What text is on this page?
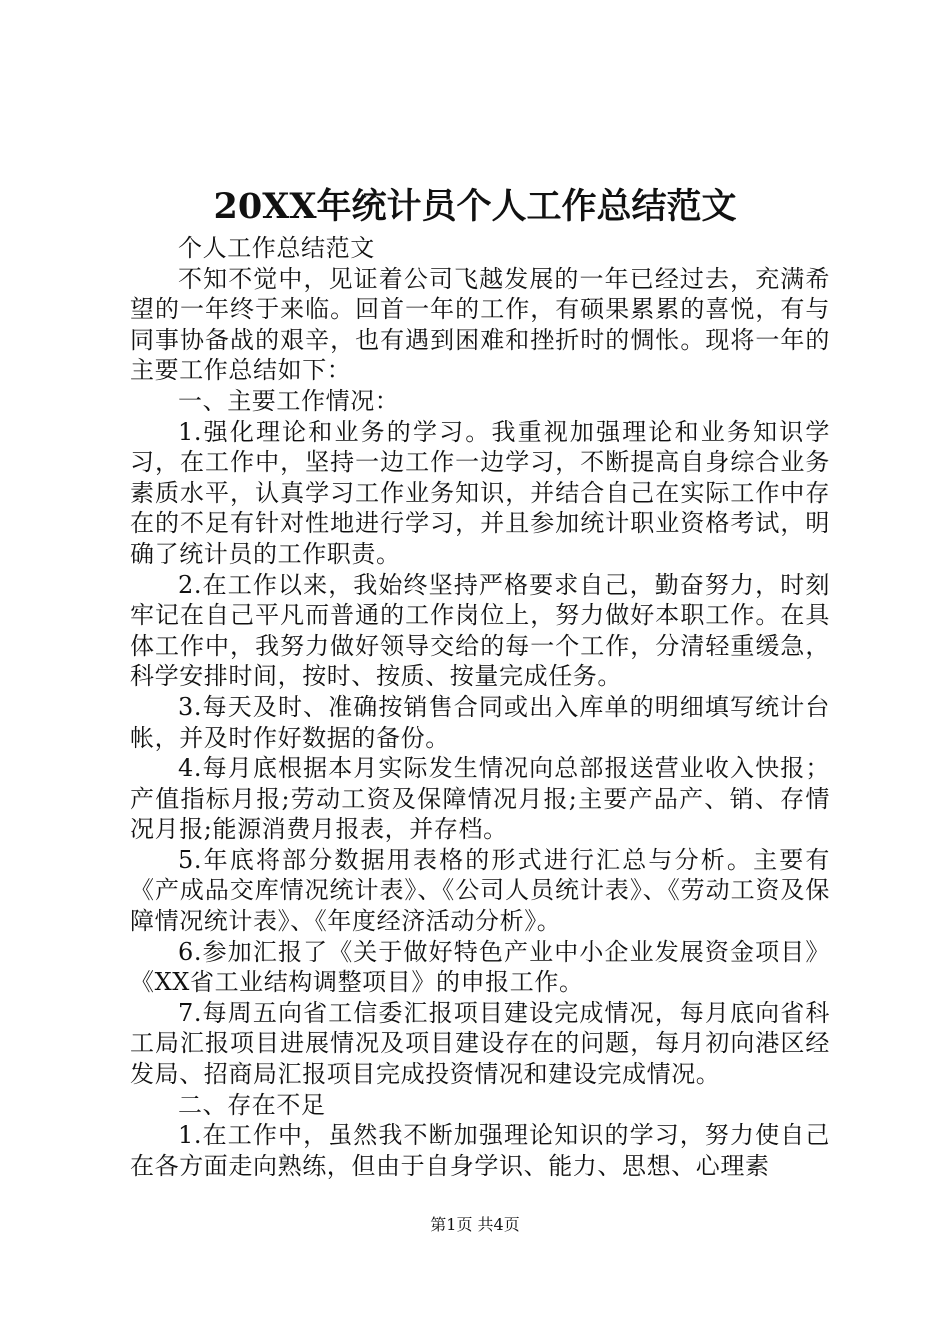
20XX年统计员个人工作总结范文

个人工作总结范文

不知不觉中，见证着公司飞越发展的一年已经过去，充满希望的一年终于来临。回首一年的工作，有硕果累累的喜悦，有与同事协备战的艰辛，也有遇到困难和挫折时的惆怅。现将一年的主要工作总结如下：

一、主要工作情况：

1.强化理论和业务的学习。我重视加强理论和业务知识学习，在工作中，坚持一边工作一边学习，不断提高自身综合业务素质水平，认真学习工作业务知识，并结合自己在实际工作中存在的不足有针对性地进行学习，并且参加统计职业资格考试，明确了统计员的工作职责。

2.在工作以来，我始终坚持严格要求自己，勤奋努力，时刻牢记在自己平凡而普通的工作岗位上，努力做好本职工作。在具体工作中，我努力做好领导交给的每一个工作，分清轻重缓急，科学安排时间，按时、按质、按量完成任务。

3.每天及时、准确按销售合同或出入库单的明细填写统计台帐，并及时作好数据的备份。

4.每月底根据本月实际发生情况向总部报送营业收入快报；产值指标月报;劳动工资及保障情况月报;主要产品产、销、存情况月报;能源消费月报表，并存档。

5.年底将部分数据用表格的形式进行汇总与分析。主要有《产成品交库情况统计表》、《公司人员统计表》、《劳动工资及保障情况统计表》、《年度经济活动分析》。

6.参加汇报了《关于做好特色产业中小企业发展资金项目》《XX省工业结构调整项目》的申报工作。

7.每周五向省工信委汇报项目建设完成情况，每月底向省科工局汇报项目进展情况及项目建设存在的问题，每月初向港区经发局、招商局汇报项目完成投资情况和建设完成情况。

二、存在不足

1.在工作中，虽然我不断加强理论知识的学习，努力使自己在各方面走向熟练，但由于自身学识、能力、思想、心理素

第1页 共4页
